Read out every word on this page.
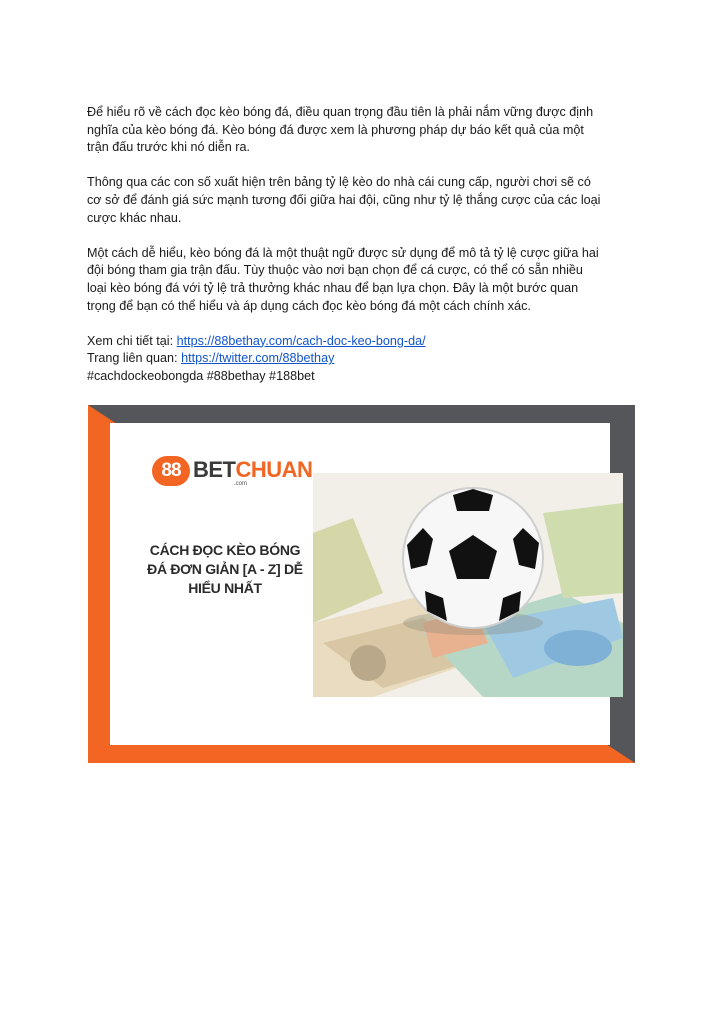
Để hiểu rõ về cách đọc kèo bóng đá, điều quan trọng đầu tiên là phải nắm vững được định
nghĩa của kèo bóng đá. Kèo bóng đá được xem là phương pháp dự báo kết quả của một
trận đấu trước khi nó diễn ra.

Thông qua các con số xuất hiện trên bảng tỷ lệ kèo do nhà cái cung cấp, người chơi sẽ có
cơ sở để đánh giá sức mạnh tương đối giữa hai đội, cũng như tỷ lệ thắng cược của các loại
cược khác nhau.

Một cách dễ hiểu, kèo bóng đá là một thuật ngữ được sử dụng để mô tả tỷ lệ cược giữa hai
đội bóng tham gia trận đấu. Tùy thuộc vào nơi bạn chọn để cá cược, có thể có sẵn nhiều
loại kèo bóng đá với tỷ lệ trả thưởng khác nhau để bạn lựa chọn. Đây là một bước quan
trọng để bạn có thể hiểu và áp dụng cách đọc kèo bóng đá một cách chính xác.

Xem chi tiết tại: https://88bethay.com/cach-doc-keo-bong-da/
Trang liên quan: https://twitter.com/88bethay
#cachdockeobongda #88bethay #188bet
88 BETCHUAN
.com
CÁCH ĐỌC KÈO BÓNG
ĐÁ ĐƠN GIẢN [A - Z] DỄ
HIỂU NHẤT
